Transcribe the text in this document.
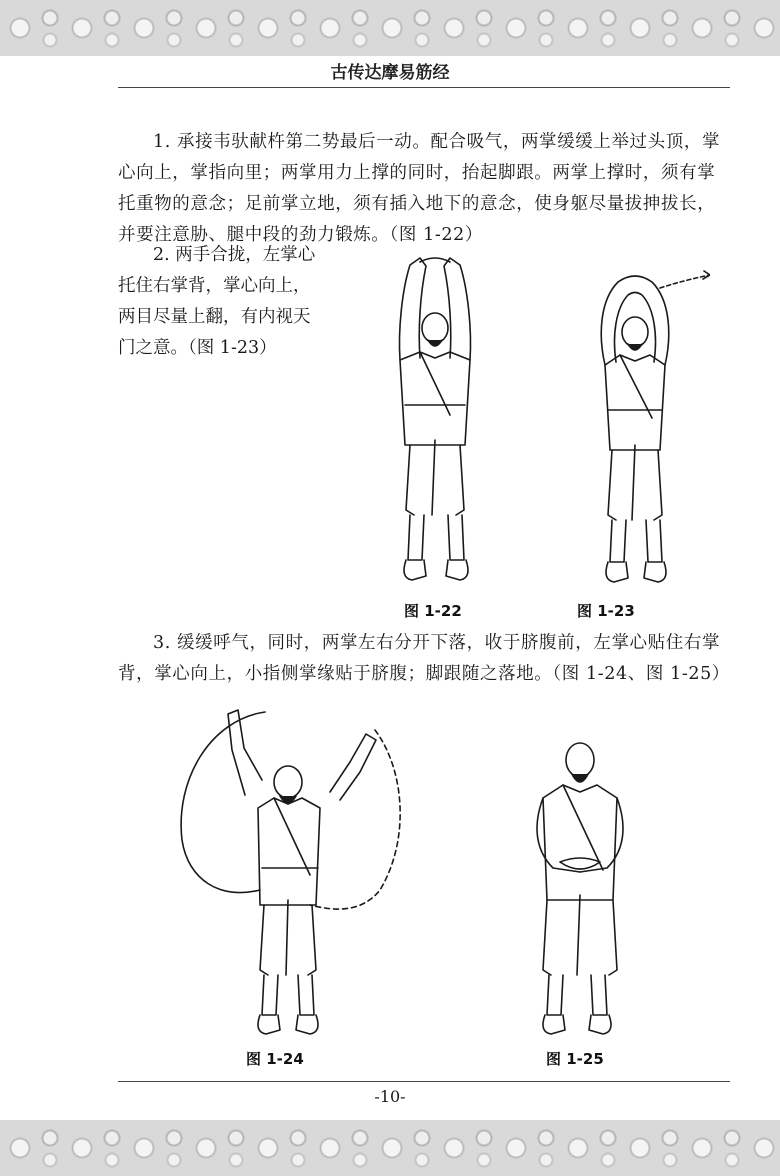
古传达摩易筋经

1. 承接韦驮献杵第二势最后一动。配合吸气，两掌缓缓上举过头顶，掌心向上，掌指向里；两掌用力上撑的同时，抬起脚跟。两掌上撑时，须有掌托重物的意念；足前掌立地，须有插入地下的意念，使身躯尽量拔抻拔长，并要注意胁、腿中段的劲力锻炼。（图 1-22）

2. 两手合拢，左掌心
托住右掌背，掌心向上，
两目尽量上翻，有内视天
门之意。（图 1-23）
图 1-22	图 1-23

3. 缓缓呼气，同时，两掌左右分开下落，收于脐腹前，左掌心贴住右掌背，掌心向上，小指侧掌缘贴于脐腹；脚跟随之落地。（图 1-24、图 1-25）

图 1-24	图 1-25
-10-
